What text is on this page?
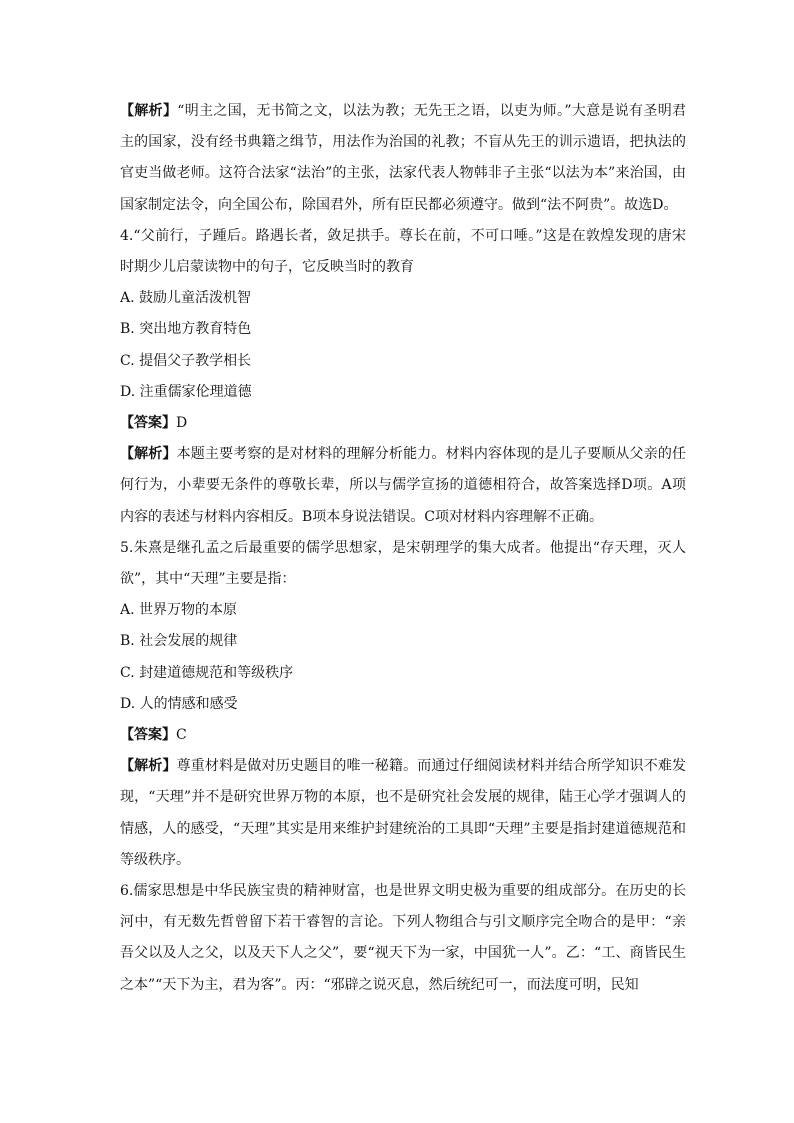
【解析】“明主之国，无书简之文，以法为教；无先王之语，以吏为师。”大意是说有圣明君主的国家，没有经书典籍之缉节，用法作为治国的礼教；不盲从先王的训示遗语，把执法的官吏当做老师。这符合法家“法治”的主张，法家代表人物韩非子主张“以法为本”来治国，由国家制定法令，向全国公布，除国君外，所有臣民都必须遵守。做到“法不阿贵”。故选D。

4.“父前行，子踵后。路遇长者，敛足拱手。尊长在前，不可口唾。”这是在敦煌发现的唐宋时期少儿启蒙读物中的句子，它反映当时的教育

A. 鼓励儿童活泼机智

B. 突出地方教育特色

C. 提倡父子教学相长

D. 注重儒家伦理道德

【答案】D

【解析】本题主要考察的是对材料的理解分析能力。材料内容体现的是儿子要顺从父亲的任何行为，小辈要无条件的尊敬长辈，所以与儒学宣扬的道德相符合，故答案选择D项。A项内容的表述与材料内容相反。B项本身说法错误。C项对材料内容理解不正确。

5.朱熹是继孔孟之后最重要的儒学思想家，是宋朝理学的集大成者。他提出“存天理，灭人欲”，其中“天理”主要是指：

A. 世界万物的本原

B. 社会发展的规律

C. 封建道德规范和等级秩序

D. 人的情感和感受

【答案】C

【解析】尊重材料是做对历史题目的唯一秘籍。而通过仔细阅读材料并结合所学知识不难发现，“天理”并不是研究世界万物的本原，也不是研究社会发展的规律，陆王心学才强调人的情感，人的感受，“天理”其实是用来维护封建统治的工具即“天理”主要是指封建道德规范和等级秩序。

6.儒家思想是中华民族宝贵的精神财富，也是世界文明史极为重要的组成部分。在历史的长河中，有无数先哲曾留下若干睿智的言论。下列人物组合与引文顺序完全吻合的是甲：“亲吾父以及人之父，以及天下人之父”，要“视天下为一家，中国犹一人”。乙：“工、商皆民生之本”“天下为主，君为客”。丙：“邪辟之说灭息，然后统纪可一，而法度可明，民知
